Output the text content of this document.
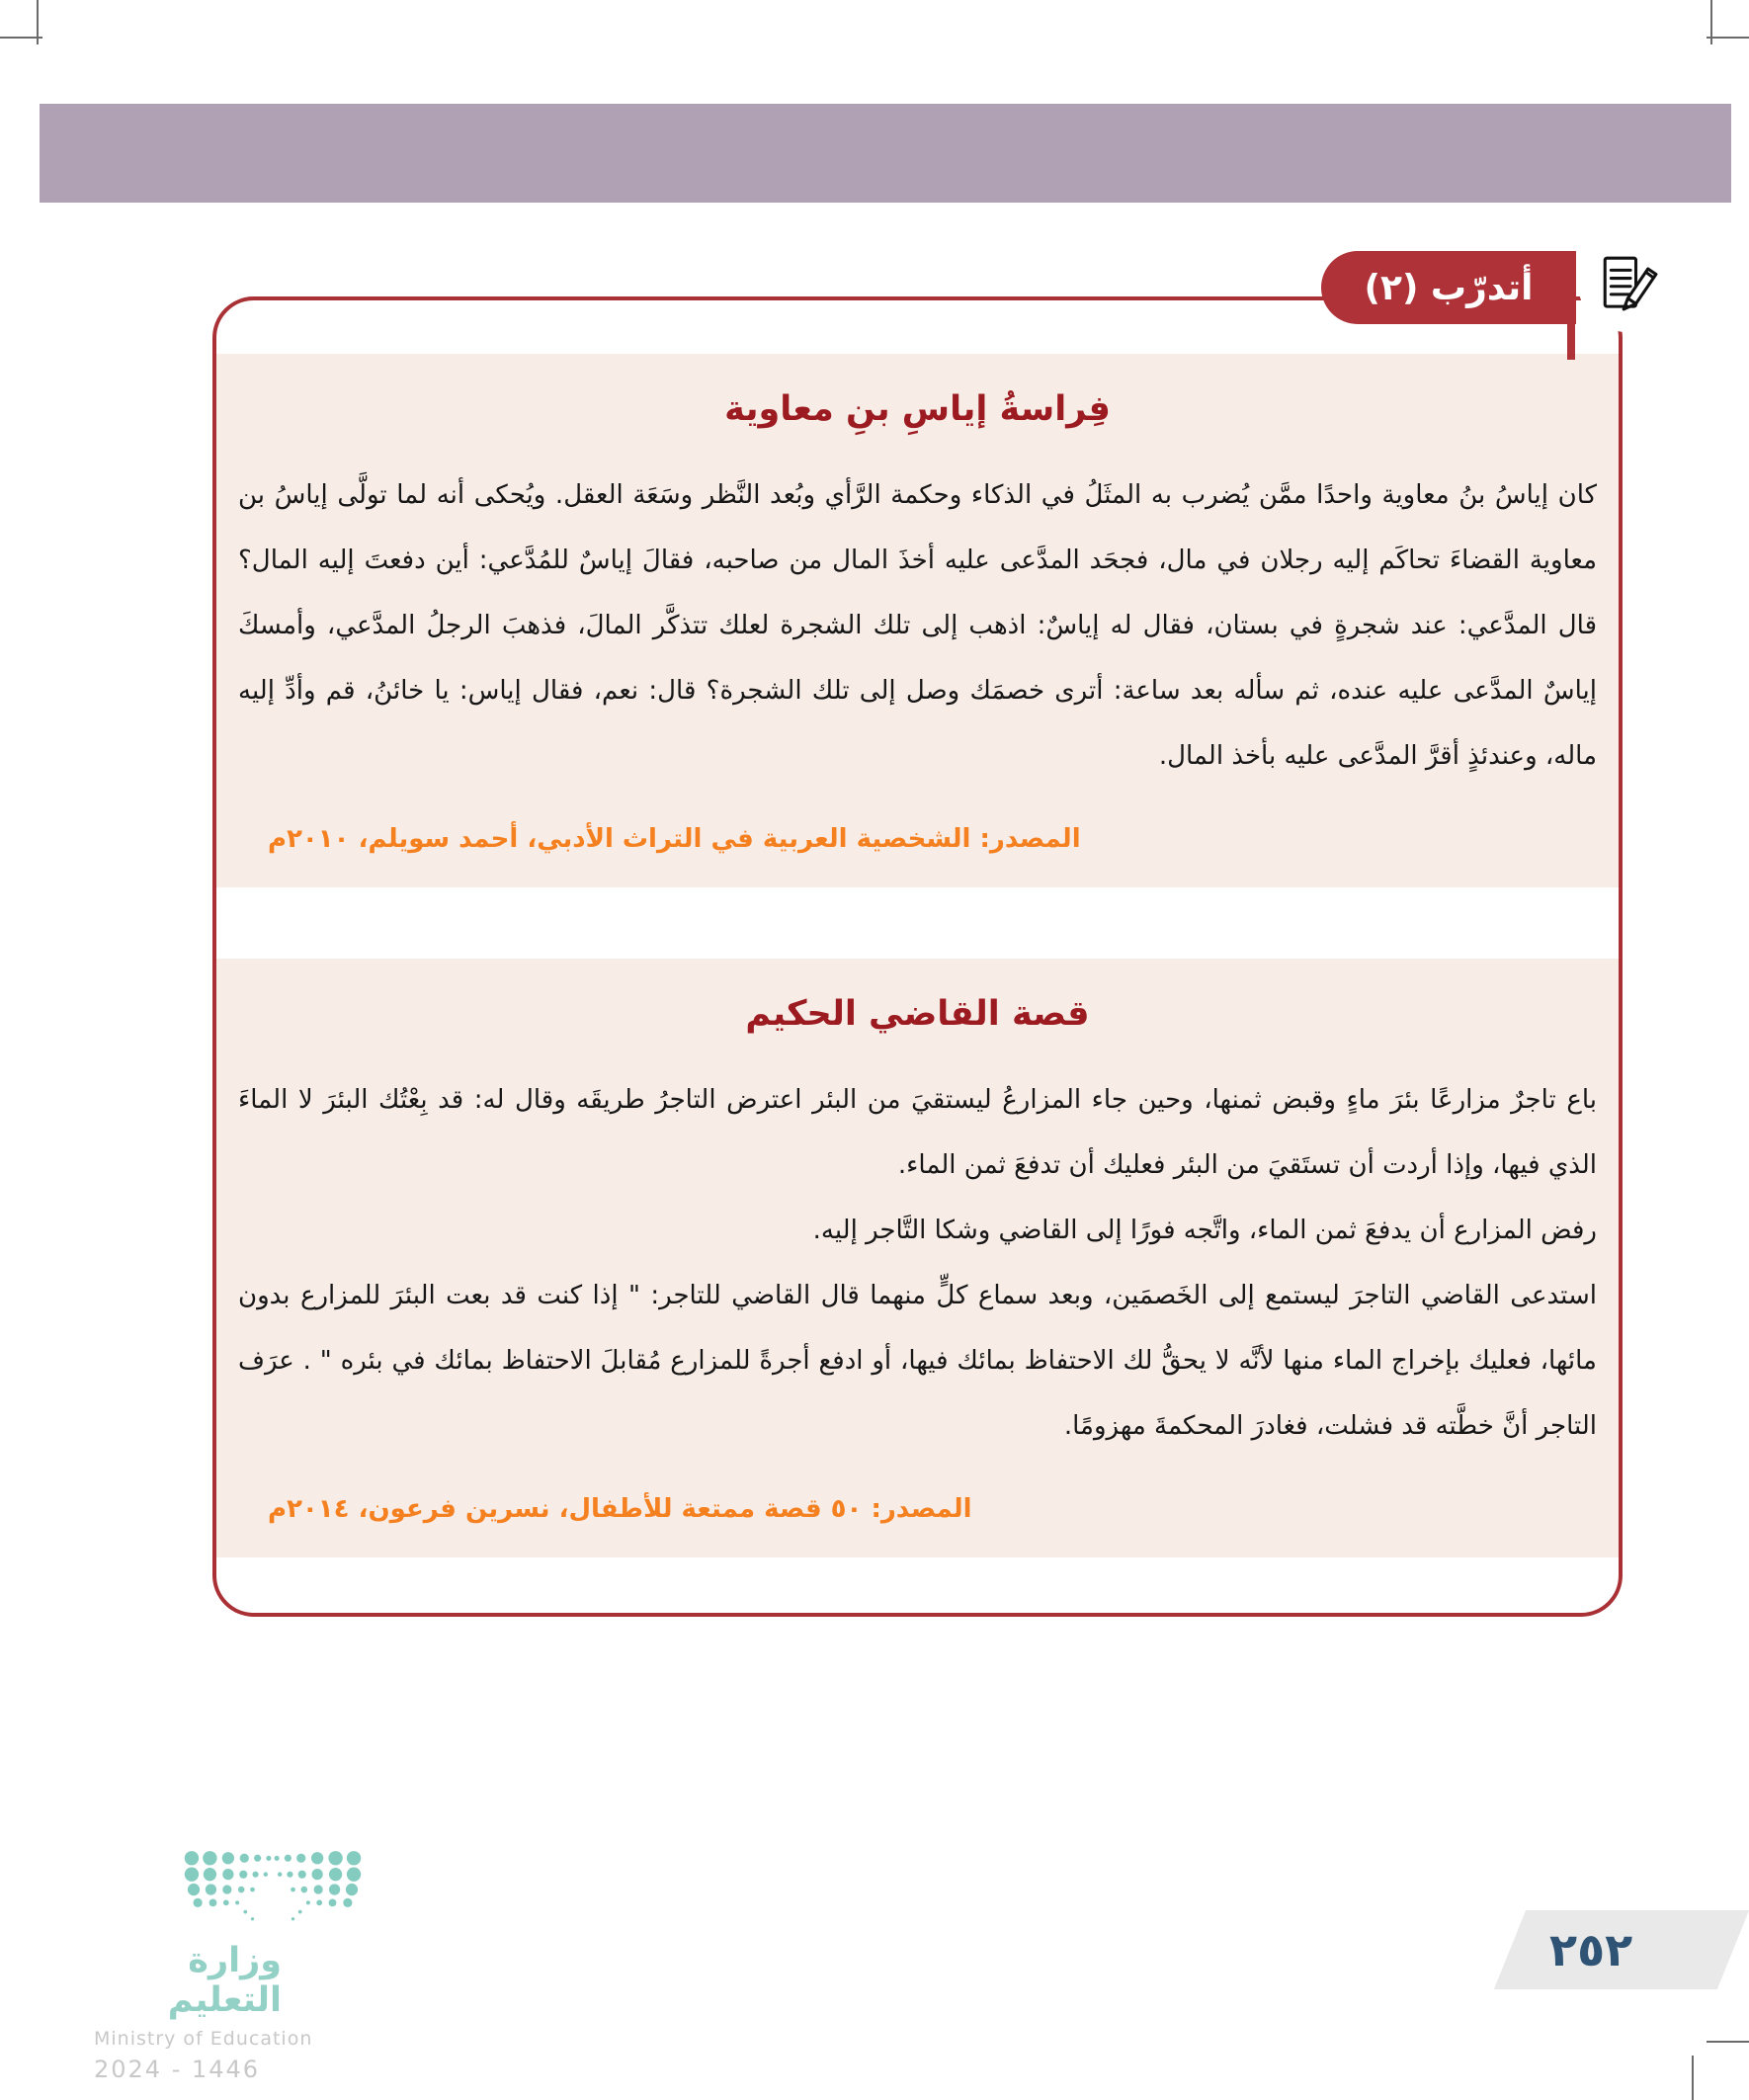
أتدرّب (٢)
فِراسةُ إياسِ بنِ معاوية

كان إياسُ بنُ معاوية واحدًا ممَّن يُضرب به المثَلُ في الذكاء وحكمة الرَّأي وبُعد النَّظر وسَعَة العقل. ويُحكى أنه لما تولَّى إياسُ بن معاوية القضاءَ تحاكَم إليه رجلان في مال، فجحَد المدَّعى عليه أخذَ المال من صاحبه، فقالَ إياسٌ للمُدَّعي: أين دفعتَ إليه المال؟ قال المدَّعي: عند شجرةٍ في بستان، فقال له إياسٌ: اذهب إلى تلك الشجرة لعلك تتذكَّر المالَ، فذهبَ الرجلُ المدَّعي، وأمسكَ إياسٌ المدَّعى عليه عنده، ثم سأله بعد ساعة: أترى خصمَك وصل إلى تلك الشجرة؟ قال: نعم، فقال إياس: يا خائنُ، قم وأدِّ إليه ماله، وعندئذٍ أقرَّ المدَّعى عليه بأخذ المال.

المصدر: الشخصية العربية في التراث الأدبي، أحمد سويلم، ٢٠١٠م
قصة القاضي الحكيم

باع تاجرٌ مزارعًا بئرَ ماءٍ وقبض ثمنها، وحين جاء المزارعُ ليستقيَ من البئر اعترض التاجرُ طريقَه وقال له: قد بِعْتُك البئرَ لا الماءَ الذي فيها، وإذا أردت أن تستَقيَ من البئر فعليك أن تدفعَ ثمن الماء.

رفض المزارع أن يدفعَ ثمن الماء، واتَّجه فورًا إلى القاضي وشكا التَّاجر إليه.

استدعى القاضي التاجرَ ليستمع إلى الخَصمَين، وبعد سماع كلٍّ منهما قال القاضي للتاجر: " إذا كنت قد بعت البئرَ للمزارع بدون مائها، فعليك بإخراج الماء منها لأنَّه لا يحقُّ لك الاحتفاظ بمائك فيها، أو ادفع أجرةً للمزارع مُقابلَ الاحتفاظ بمائك في بئره " . عرَف التاجر أنَّ خطَّته قد فشلت، فغادرَ المحكمةَ مهزومًا.

المصدر: ٥٠ قصة ممتعة للأطفال، نسرين فرعون، ٢٠١٤م
وزارة التعليم
Ministry of Education
2024 - 1446
٢٥٢
